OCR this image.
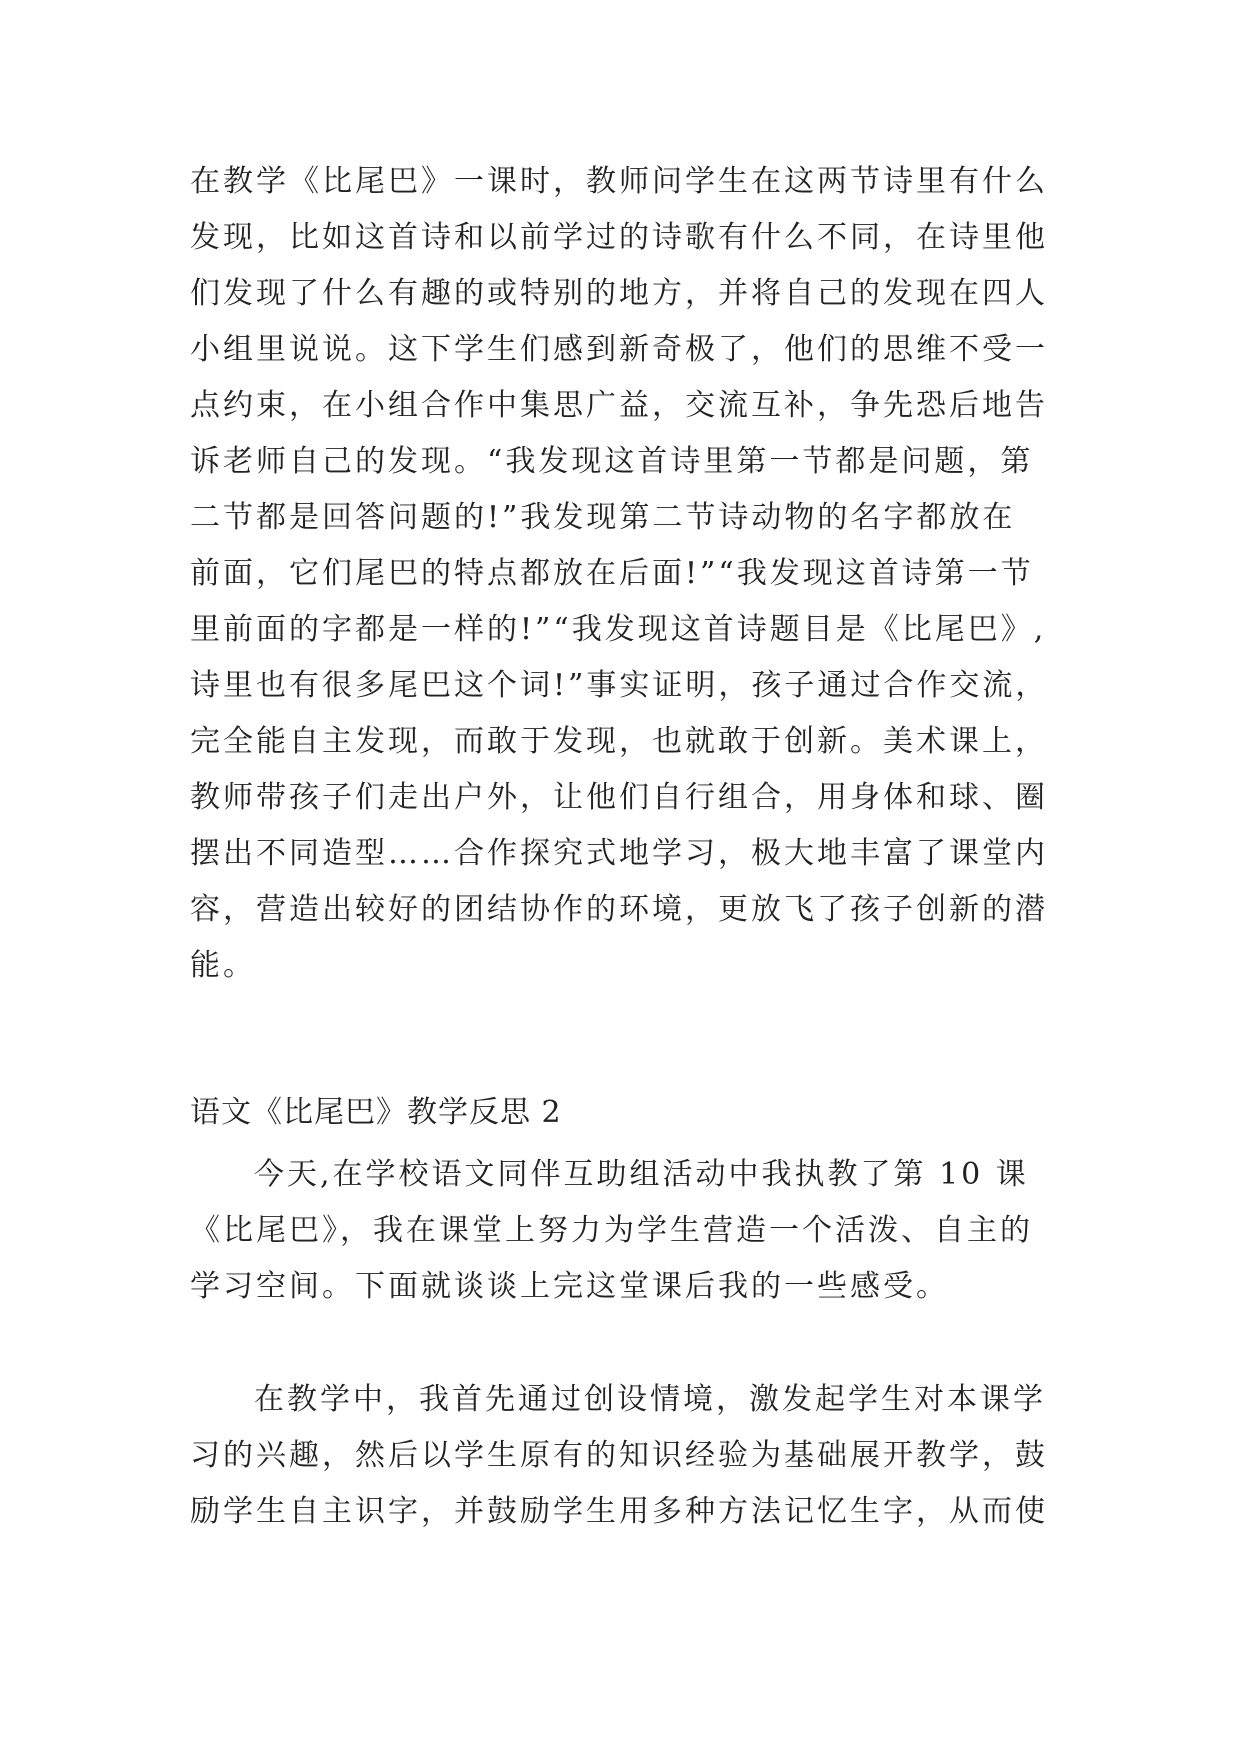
在教学《比尾巴》一课时，教师问学生在这两节诗里有什么
发现，比如这首诗和以前学过的诗歌有什么不同，在诗里他
们发现了什么有趣的或特别的地方，并将自己的发现在四人
小组里说说。这下学生们感到新奇极了，他们的思维不受一
点约束，在小组合作中集思广益，交流互补，争先恐后地告
诉老师自己的发现。“我发现这首诗里第一节都是问题，第
二节都是回答问题的!”我发现第二节诗动物的名字都放在
前面，它们尾巴的特点都放在后面!”“我发现这首诗第一节
里前面的字都是一样的!”“我发现这首诗题目是《比尾巴》,
诗里也有很多尾巴这个词!”事实证明，孩子通过合作交流，
完全能自主发现，而敢于发现，也就敢于创新。美术课上，
教师带孩子们走出户外，让他们自行组合，用身体和球、圈
摆出不同造型……合作探究式地学习，极大地丰富了课堂内
容，营造出较好的团结协作的环境，更放飞了孩子创新的潜
能。
语文《比尾巴》教学反思 2
今天,在学校语文同伴互助组活动中我执教了第 10 课
《比尾巴》，我在课堂上努力为学生营造一个活泼、自主的
学习空间。下面就谈谈上完这堂课后我的一些感受。
在教学中，我首先通过创设情境，激发起学生对本课学
习的兴趣，然后以学生原有的知识经验为基础展开教学，鼓
励学生自主识字，并鼓励学生用多种方法记忆生字，从而使
